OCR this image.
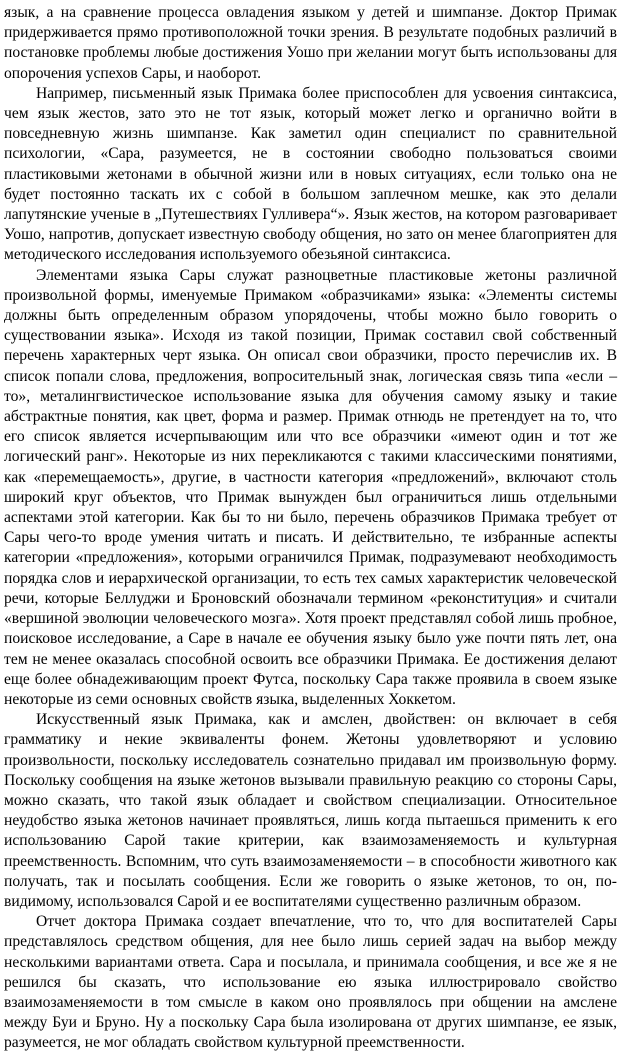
язык, а на сравнение процесса овладения языком у детей и шимпанзе. Доктор Примак придерживается прямо противоположной точки зрения. В результате подобных различий в постановке проблемы любые достижения Уошо при желании могут быть использованы для опорочения успехов Сары, и наоборот.

Например, письменный язык Примака более приспособлен для усвоения синтаксиса, чем язык жестов, зато это не тот язык, который может легко и органично войти в повседневную жизнь шимпанзе. Как заметил один специалист по сравнительной психологии, «Сара, разумеется, не в состоянии свободно пользоваться своими пластиковыми жетонами в обычной жизни или в новых ситуациях, если только она не будет постоянно таскать их с собой в большом заплечном мешке, как это делали лапутянские ученые в „Путешествиях Гулливера“». Язык жестов, на котором разговаривает Уошо, напротив, допускает известную свободу общения, но зато он менее благоприятен для методического исследования используемого обезьяной синтаксиса.

Элементами языка Сары служат разноцветные пластиковые жетоны различной произвольной формы, именуемые Примаком «образчиками» языка: «Элементы системы должны быть определенным образом упорядочены, чтобы можно было говорить о существовании языка». Исходя из такой позиции, Примак составил свой собственный перечень характерных черт языка. Он описал свои образчики, просто перечислив их. В список попали слова, предложения, вопросительный знак, логическая связь типа «если – то», металингвистическое использование языка для обучения самому языку и такие абстрактные понятия, как цвет, форма и размер. Примак отнюдь не претендует на то, что его список является исчерпывающим или что все образчики «имеют один и тот же логический ранг». Некоторые из них перекликаются с такими классическими понятиями, как «перемещаемость», другие, в частности категория «предложений», включают столь широкий круг объектов, что Примак вынужден был ограничиться лишь отдельными аспектами этой категории. Как бы то ни было, перечень образчиков Примака требует от Сары чего-то вроде умения читать и писать. И действительно, те избранные аспекты категории «предложения», которыми ограничился Примак, подразумевают необходимость порядка слов и иерархической организации, то есть тех самых характеристик человеческой речи, которые Беллуджи и Броновский обозначали термином «реконституция» и считали «вершиной эволюции человеческого мозга». Хотя проект представлял собой лишь пробное, поисковое исследование, а Саре в начале ее обучения языку было уже почти пять лет, она тем не менее оказалась способной освоить все образчики Примака. Ее достижения делают еще более обнадеживающим проект Футса, поскольку Сара также проявила в своем языке некоторые из семи основных свойств языка, выделенных Хоккетом.

Искусственный язык Примака, как и амслен, двойствен: он включает в себя грамматику и некие эквиваленты фонем. Жетоны удовлетворяют и условию произвольности, поскольку исследователь сознательно придавал им произвольную форму. Поскольку сообщения на языке жетонов вызывали правильную реакцию со стороны Сары, можно сказать, что такой язык обладает и свойством специализации. Относительное неудобство языка жетонов начинает проявляться, лишь когда пытаешься применить к его использованию Сарой такие критерии, как взаимозаменяемость и культурная преемственность. Вспомним, что суть взаимозаменяемости – в способности животного как получать, так и посылать сообщения. Если же говорить о языке жетонов, то он, по-видимому, использовался Сарой и ее воспитателями существенно различным образом.

Отчет доктора Примака создает впечатление, что то, что для воспитателей Сары представлялось средством общения, для нее было лишь серией задач на выбор между несколькими вариантами ответа. Сара и посылала, и принимала сообщения, и все же я не решился бы сказать, что использование ею языка иллюстрировало свойство взаимозаменяемости в том смысле в каком оно проявлялось при общении на амслене между Буи и Бруно. Ну а поскольку Сара была изолирована от других шимпанзе, ее язык, разумеется, не мог обладать свойством культурной преемственности.
